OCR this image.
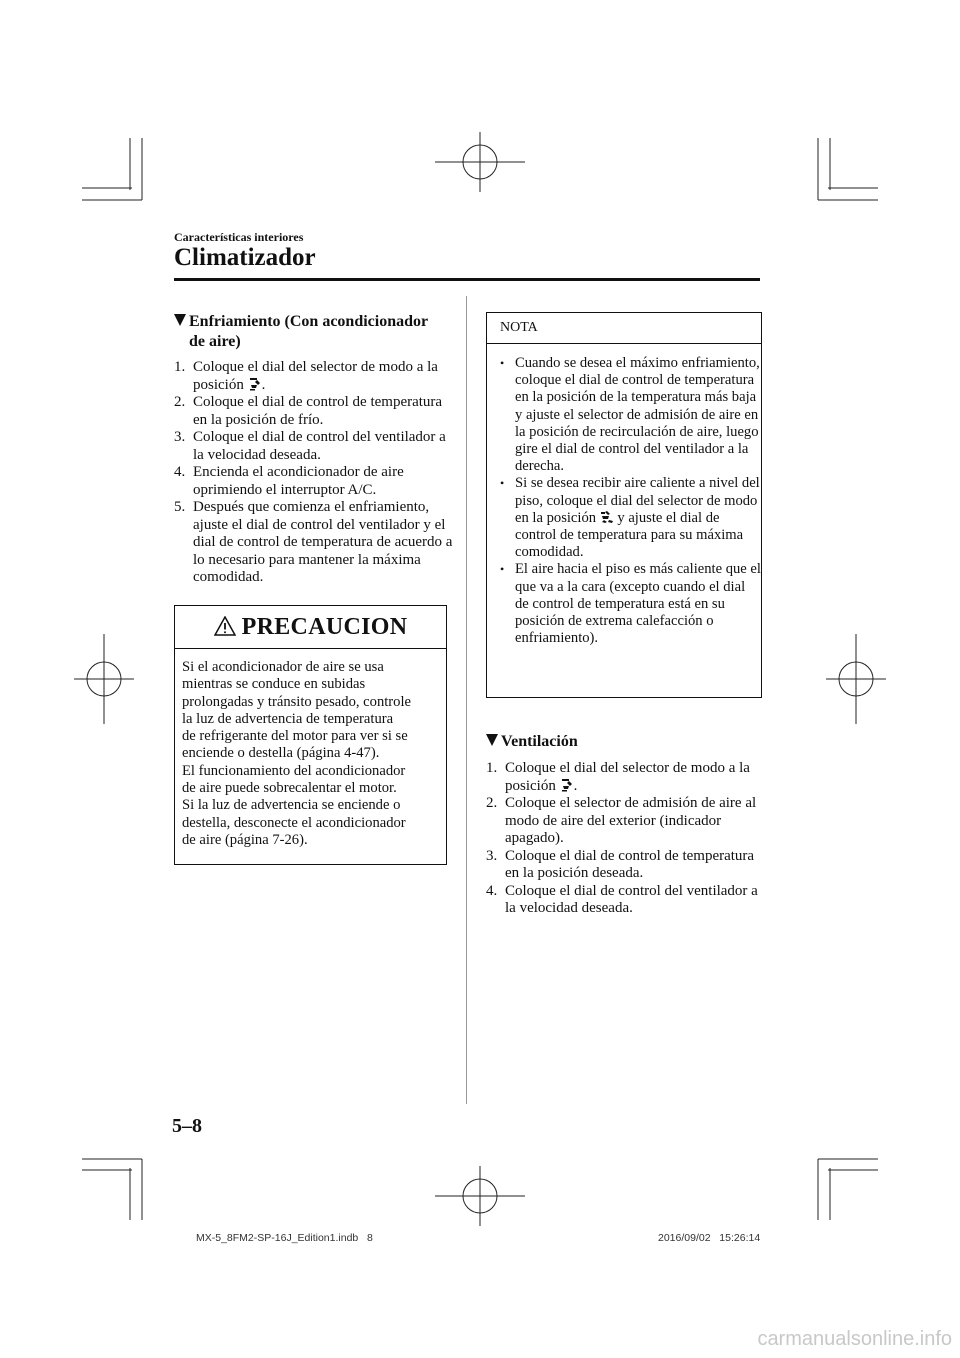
Características interiores
Climatizador
Enfriamiento (Con acondicionador
de aire)
1.Coloque el dial del selector de modo a la posición .
2.Coloque el dial de control de temperatura en la posición de frío.
3.Coloque el dial de control del ventilador a la velocidad deseada.
4.Encienda el acondicionador de aire oprimiendo el interruptor A/C.
5.Después que comienza el enfriamiento, ajuste el dial de control del ventilador y el dial de control de temperatura de acuerdo a lo necesario para mantener la máxima comodidad.
PRECAUCION
Si el acondicionador de aire se usa
mientras se conduce en subidas
prolongadas y tránsito pesado, controle
la luz de advertencia de temperatura
de refrigerante del motor para ver si se
enciende o destella (página 4-47).
El funcionamiento del acondicionador
de aire puede sobrecalentar el motor.
Si la luz de advertencia se enciende o
destella, desconecte el acondicionador
de aire (página 7-26).
NOTA
• Cuando se desea el máximo enfriamiento, coloque el dial de control de temperatura en la posición de la temperatura más baja y ajuste el selector de admisión de aire en la posición de recirculación de aire, luego gire el dial de control del ventilador a la derecha.
• Si se desea recibir aire caliente a nivel del piso, coloque el dial del selector de modo en la posición  y ajuste el dial de control de temperatura para su máxima comodidad.
• El aire hacia el piso es más caliente que el que va a la cara (excepto cuando el dial de control de temperatura está en su posición de extrema calefacción o enfriamiento).
Ventilación
1.Coloque el dial del selector de modo a la posición .
2.Coloque el selector de admisión de aire al modo de aire del exterior (indicador apagado).
3.Coloque el dial de control de temperatura en la posición deseada.
4.Coloque el dial de control del ventilador a la velocidad deseada.
5–8
MX-5_8FM2-SP-16J_Edition1.indb   8	2016/09/02   15:26:14
carmanualsonline.info
